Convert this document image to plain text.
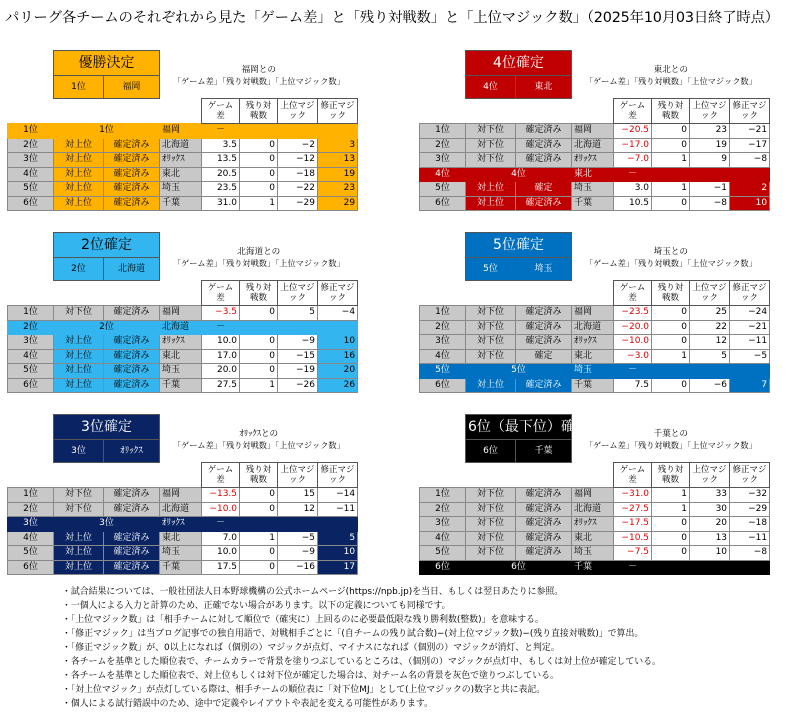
パリーグ各チームのそれぞれから見た「ゲーム差」と「残り対戦数」と「上位マジック数」（2025年10月03日終了時点）
	優勝決定		福岡との				
	1位	福岡	「ゲーム差」「残り対戦数」「上位マジック数」				
				ゲーム差	残り対戦数	上位マジック	修正マジック
1位	1位		福岡	－			
2位	対上位	確定済み	北海道	3.5	0	−2	3
3位	対上位	確定済み	ｵﾘｯｸｽ	13.5	0	−12	13
4位	対上位	確定済み	東北	20.5	0	−18	19
5位	対上位	確定済み	埼玉	23.5	0	−22	23
6位	対上位	確定済み	千葉	31.0	1	−29	29
	4位確定		東北との				
	4位	東北	「ゲーム差」「残り対戦数」「上位マジック数」				
				ゲーム差	残り対戦数	上位マジック	修正マジック
1位	対下位	確定済み	福岡	−20.5	0	23	−21
2位	対下位	確定済み	北海道	−17.0	0	19	−17
3位	対下位	確定済み	ｵﾘｯｸｽ	−7.0	1	9	−8
4位	4位		東北	－			
5位	対上位	確定	埼玉	3.0	1	−1	2
6位	対上位	確定済み	千葉	10.5	0	−8	10
	2位確定		北海道との				
	2位	北海道	「ゲーム差」「残り対戦数」「上位マジック数」				
				ゲーム差	残り対戦数	上位マジック	修正マジック
1位	対下位	確定済み	福岡	−3.5	0	5	−4
2位	2位		北海道	－			
3位	対上位	確定済み	ｵﾘｯｸｽ	10.0	0	−9	10
4位	対上位	確定済み	東北	17.0	0	−15	16
5位	対上位	確定済み	埼玉	20.0	0	−19	20
6位	対上位	確定済み	千葉	27.5	1	−26	26
	5位確定		埼玉との				
	5位	埼玉	「ゲーム差」「残り対戦数」「上位マジック数」				
				ゲーム差	残り対戦数	上位マジック	修正マジック
1位	対下位	確定済み	福岡	−23.5	0	25	−24
2位	対下位	確定済み	北海道	−20.0	0	22	−21
3位	対下位	確定済み	ｵﾘｯｸｽ	−10.0	0	12	−11
4位	対下位	確定	東北	−3.0	1	5	−5
5位	5位		埼玉	－			
6位	対上位	確定済み	千葉	7.5	0	−6	7
	3位確定		ｵﾘｯｸｽとの				
	3位	ｵﾘｯｸｽ	「ゲーム差」「残り対戦数」「上位マジック数」				
				ゲーム差	残り対戦数	上位マジック	修正マジック
1位	対下位	確定済み	福岡	−13.5	0	15	−14
2位	対下位	確定済み	北海道	−10.0	0	12	−11
3位	3位		ｵﾘｯｸｽ	－			
4位	対上位	確定済み	東北	7.0	1	−5	5
5位	対上位	確定済み	埼玉	10.0	0	−9	10
6位	対上位	確定済み	千葉	17.5	0	−16	17
	6位（最下位）確定		千葉との				
	6位	千葉	「ゲーム差」「残り対戦数」「上位マジック数」				
				ゲーム差	残り対戦数	上位マジック	修正マジック
1位	対下位	確定済み	福岡	−31.0	1	33	−32
2位	対下位	確定済み	北海道	−27.5	1	30	−29
3位	対下位	確定済み	ｵﾘｯｸｽ	−17.5	0	20	−18
4位	対下位	確定済み	東北	−10.5	0	13	−11
5位	対下位	確定済み	埼玉	−7.5	0	10	−8
6位	6位		千葉	－			
・試合結果については、一般社団法人日本野球機構の公式ホームページ(https://npb.jp)を当日、もしくは翌日あたりに参照。
・一個人による入力と計算のため、正確でない場合があります。以下の定義についても同様です。
・「上位マジック数」は「相手チームに対して順位で（確実に）上回るのに必要最低限な残り勝利数(整数)」を意味する。
・「修正マジック」は当ブログ記事での独自用語で、対戦相手ごとに「(自チームの残り試合数)−(対上位マジック数)−(残り直接対戦数)」で算出。
・「修正マジック数」が、0以上になれば（個別の）マジックが点灯、マイナスになれば（個別の）マジックが消灯、と判定。
・各チームを基準とした順位表で、チームカラーで背景を塗りつぶしているところは、（個別の）マジックが点灯中、もしくは対上位が確定している。
・各チームを基準とした順位表で、対上位もしくは対下位が確定した場合は、対チーム名の背景を灰色で塗りつぶしている。
・「対上位マジック」が点灯している際は、相手チームの順位表に「対下位MJ」として(上位マジックの)数字と共に表記。
・個人による試行錯誤中のため、途中で定義やレイアウトや表記を変える可能性があります。
